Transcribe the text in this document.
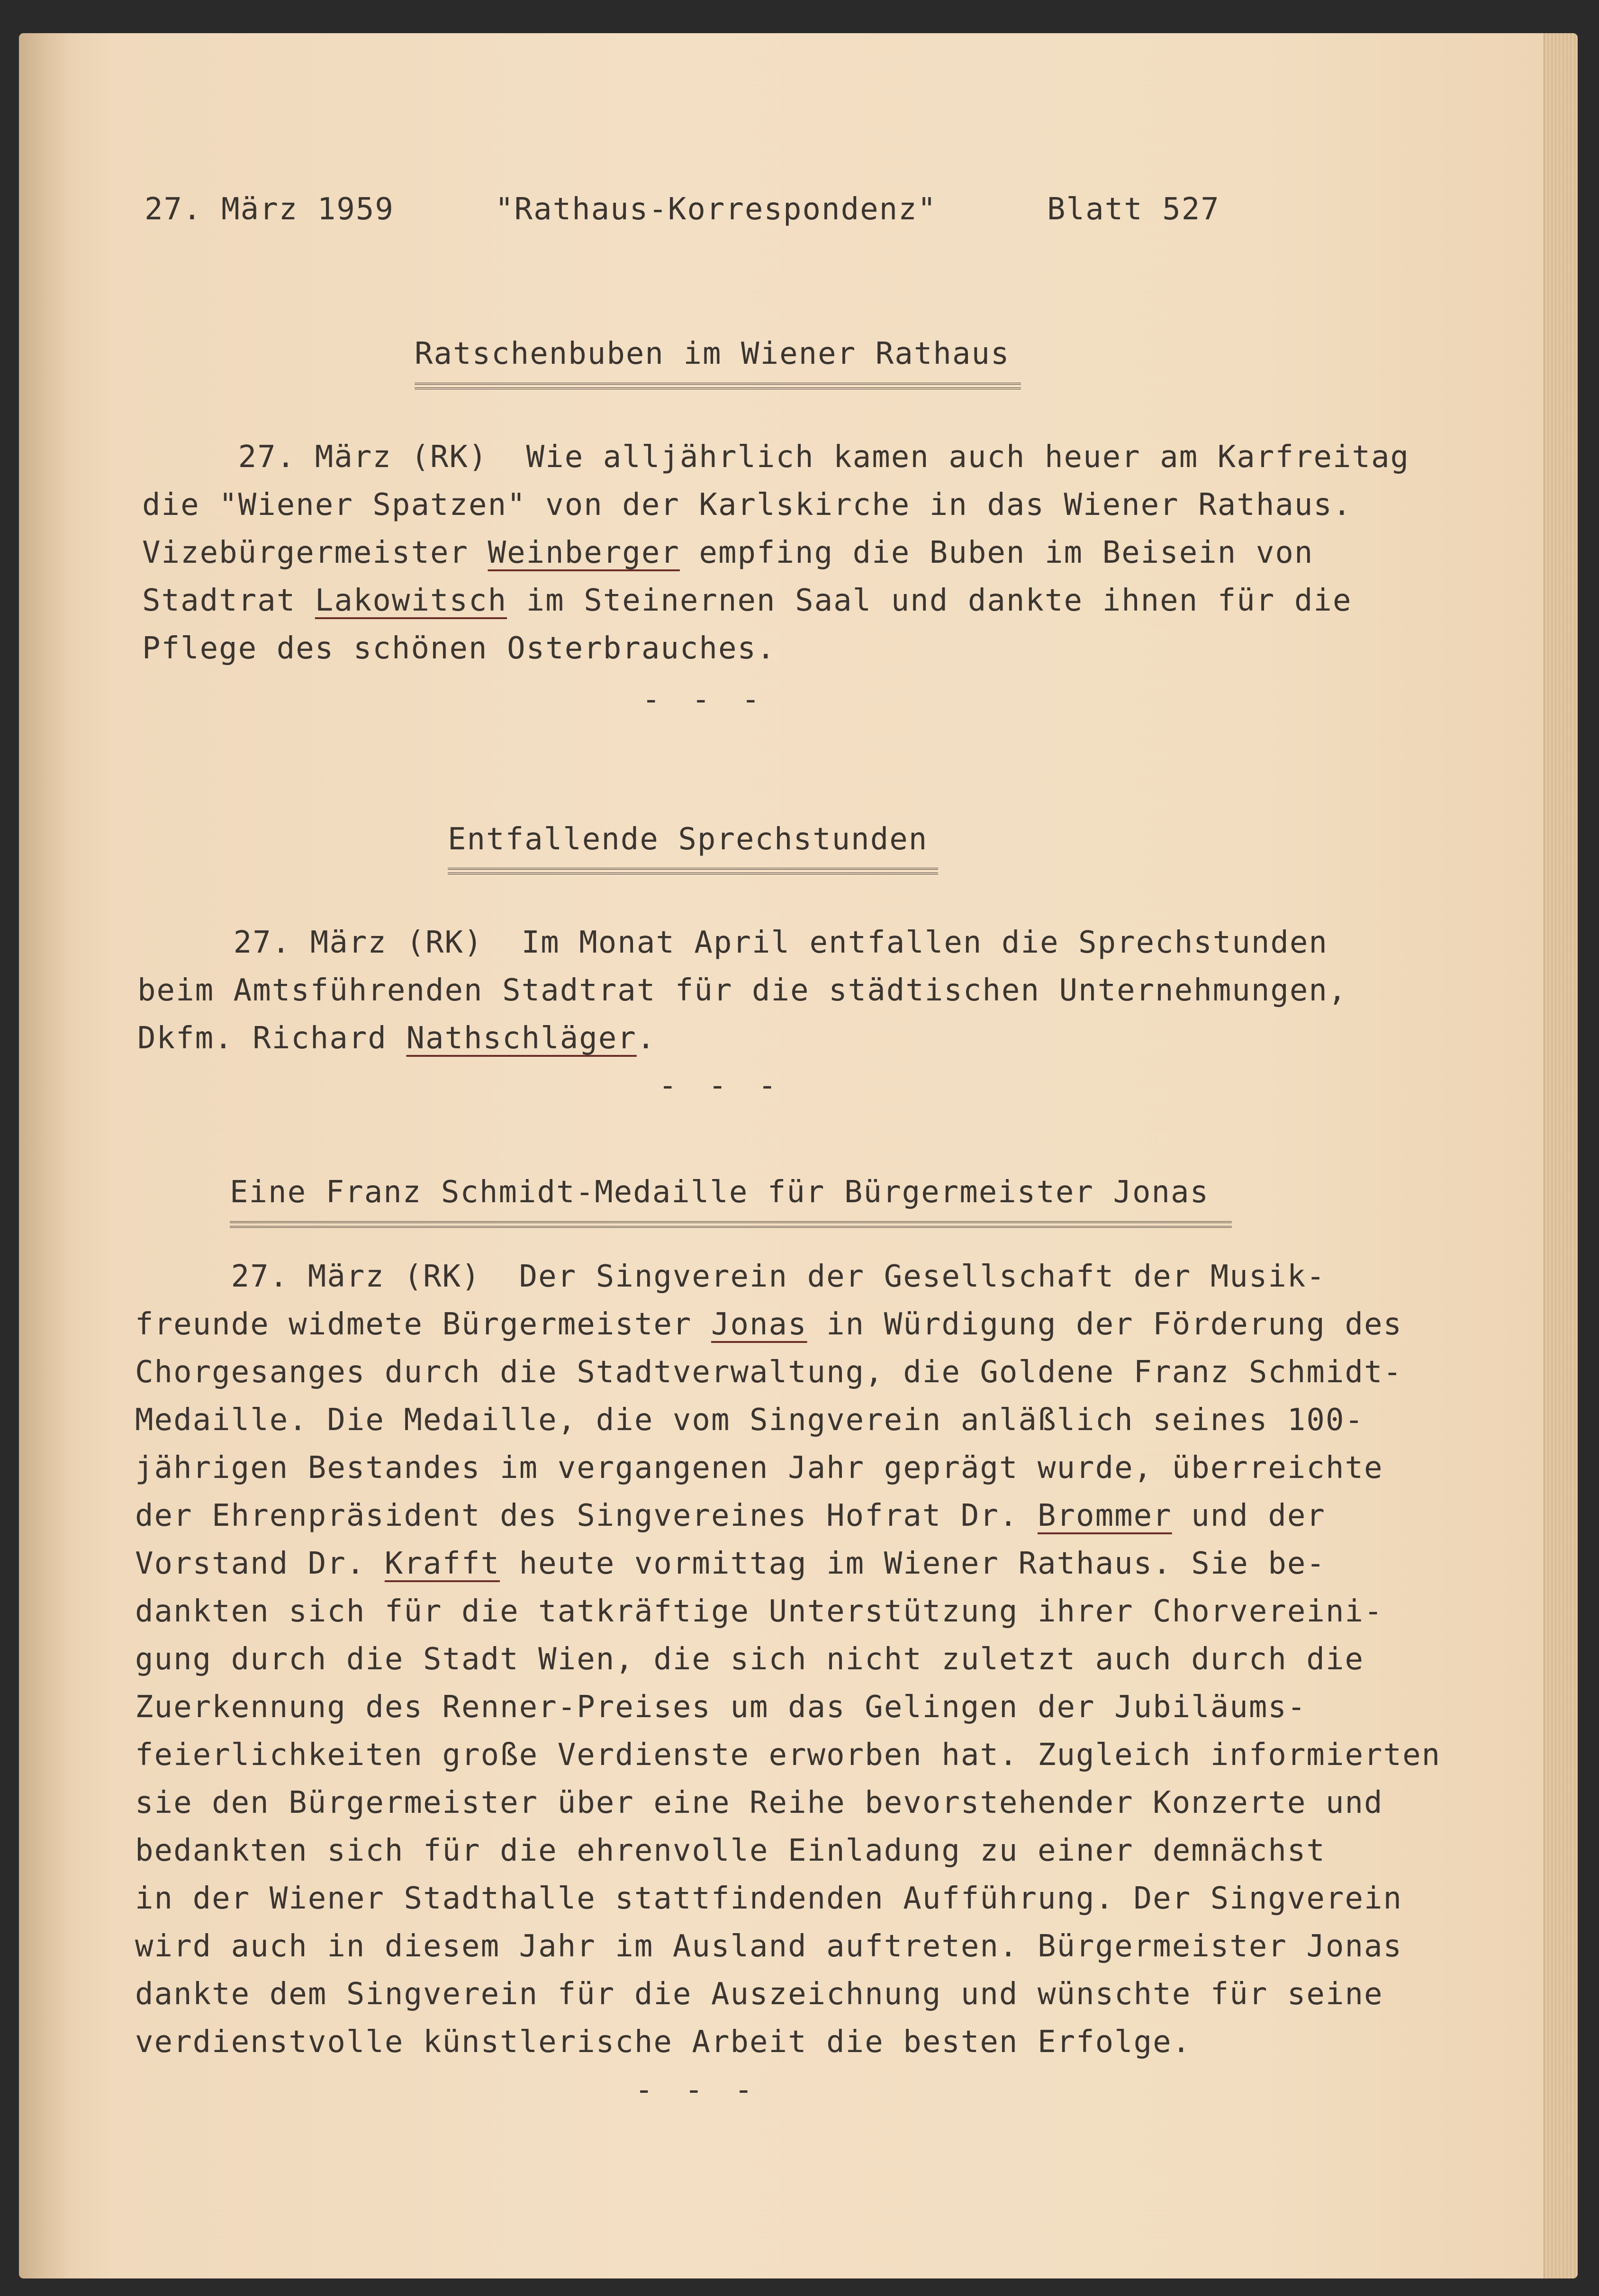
27. März 1959	"Rathaus-Korrespondenz"	Blatt 527
Ratschenbuben im Wiener Rathaus
27. März (RK)  Wie alljährlich kamen auch heuer am Karfreitag
die "Wiener Spatzen" von der Karlskirche in das Wiener Rathaus.
Vizebürgermeister Weinberger empfing die Buben im Beisein von
Stadtrat Lakowitsch im Steinernen Saal und dankte ihnen für die
Pflege des schönen Osterbrauches.
- - -
Entfallende Sprechstunden
27. März (RK)  Im Monat April entfallen die Sprechstunden
beim Amtsführenden Stadtrat für die städtischen Unternehmungen,
Dkfm. Richard Nathschläger.
- - -
Eine Franz Schmidt-Medaille für Bürgermeister Jonas
27. März (RK)  Der Singverein der Gesellschaft der Musik-
freunde widmete Bürgermeister Jonas in Würdigung der Förderung des
Chorgesanges durch die Stadtverwaltung, die Goldene Franz Schmidt-
Medaille. Die Medaille, die vom Singverein anläßlich seines 100-
jährigen Bestandes im vergangenen Jahr geprägt wurde, überreichte
der Ehrenpräsident des Singvereines Hofrat Dr. Brommer und der
Vorstand Dr. Krafft heute vormittag im Wiener Rathaus. Sie be-
dankten sich für die tatkräftige Unterstützung ihrer Chorvereini-
gung durch die Stadt Wien, die sich nicht zuletzt auch durch die
Zuerkennung des Renner-Preises um das Gelingen der Jubiläums-
feierlichkeiten große Verdienste erworben hat. Zugleich informierten
sie den Bürgermeister über eine Reihe bevorstehender Konzerte und
bedankten sich für die ehrenvolle Einladung zu einer demnächst
in der Wiener Stadthalle stattfindenden Aufführung. Der Singverein
wird auch in diesem Jahr im Ausland auftreten. Bürgermeister Jonas
dankte dem Singverein für die Auszeichnung und wünschte für seine
verdienstvolle künstlerische Arbeit die besten Erfolge.
- - -
